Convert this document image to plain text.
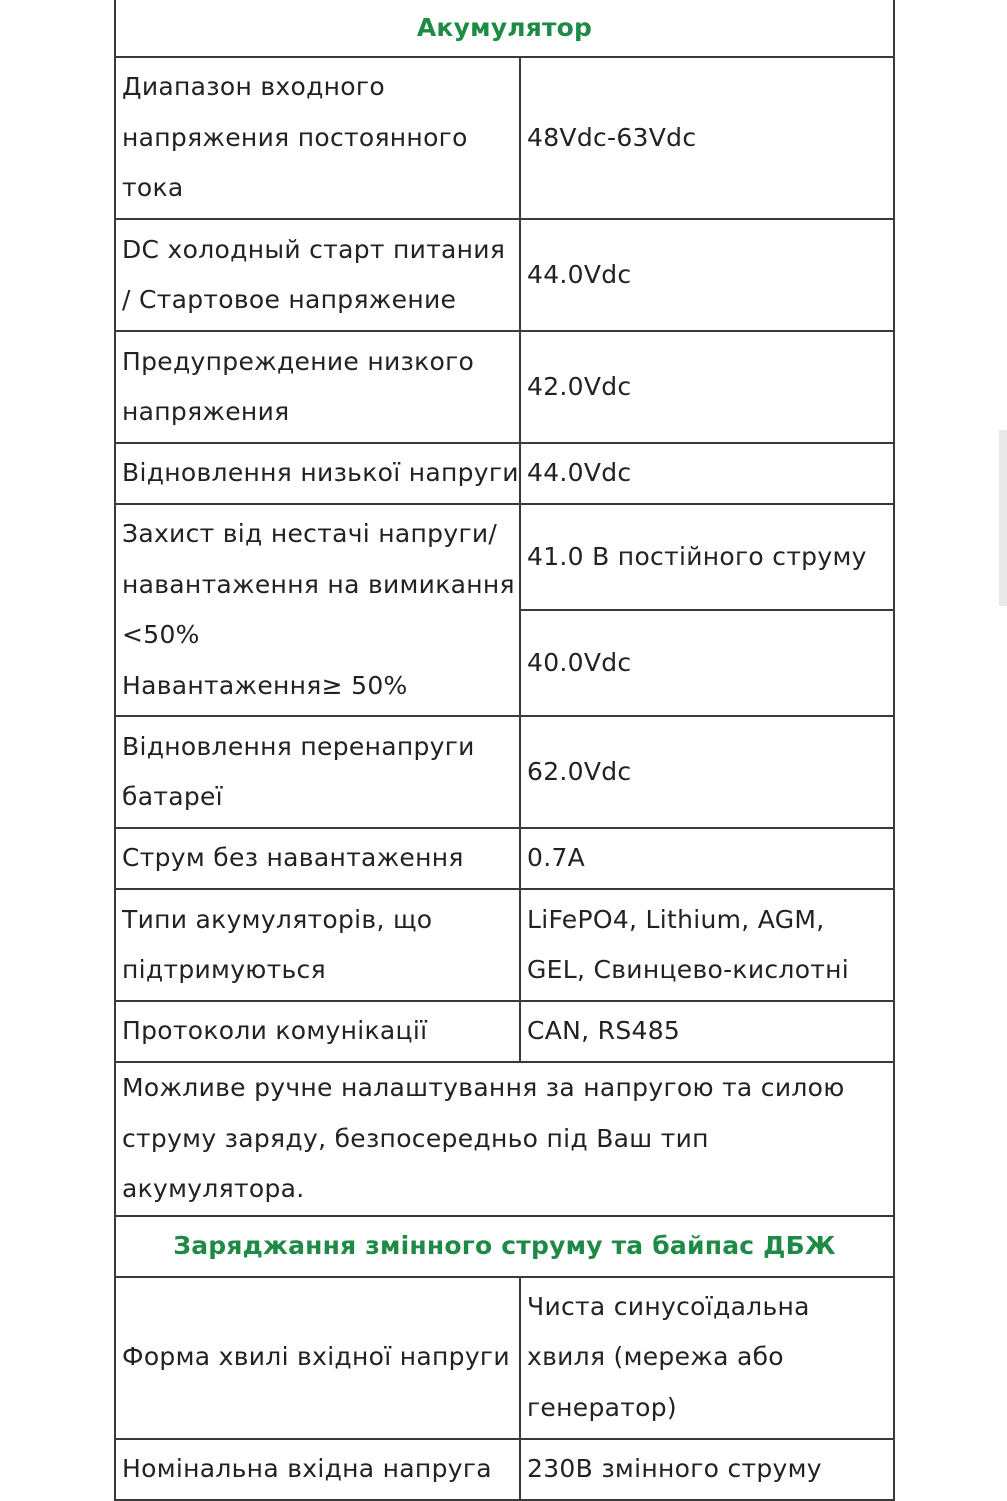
Акумулятор	

Диапазон входного
напряжения постоянного
тока	48Vdc-63Vdc

DC холодный старт питания
/ Стартовое напряжение	44.0Vdc

Предупреждение низкого
напряжения	42.0Vdc
Відновлення низької напруги	44.0Vdc

Захист від нестачі напруги/
навантаження на вимикання
<50%
Навантаження≥ 50%	41.0 В постійного струму
	40.0Vdc

Відновлення перенапруги
батареї	62.0Vdc
Струм без навантаження	0.7A

Типи акумуляторів, що
підтримуються	LiFePO4, Lithium, AGM,
GEL, Свинцево-кислотні

Протоколи комунікації	CAN, RS485

Можливе ручне налаштування за напругою та силою
струму заряду, безпосередньо під Ваш тип акумулятора.	

Заряджання змінного струму та байпас ДБЖ	
Форма хвилі вхідної напруги	Чиста синусоїдальна
хвиля (мережа або
генератор)

Номінальна вхідна напруга	230В змінного струму
